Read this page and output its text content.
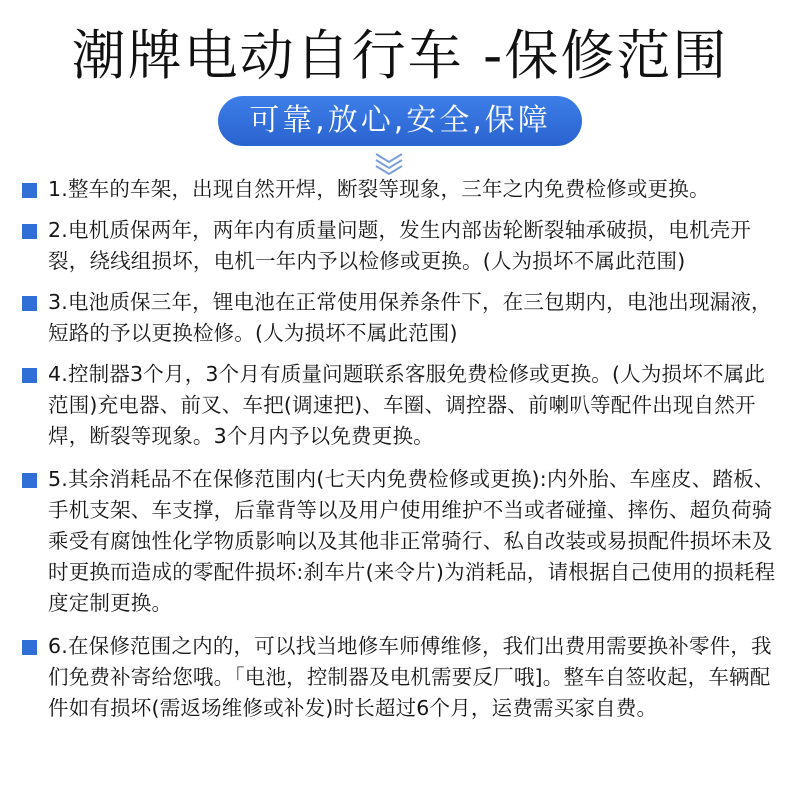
潮牌电动自行车 -保修范围
可靠,放心,安全,保障
1.整车的车架，出现自然开焊，断裂等现象，三年之内免费检修或更换。
2.电机质保两年，两年内有质量问题，发生内部齿轮断裂轴承破损，电机壳开裂，绕线组损坏，电机一年内予以检修或更换。(人为损坏不属此范围)
3.电池质保三年，锂电池在正常使用保养条件下，在三包期内，电池出现漏液，短路的予以更换检修。(人为损坏不属此范围)
4.控制器3个月，3个月有质量问题联系客服免费检修或更换。(人为损坏不属此范围)充电器、前叉、车把(调速把)、车圈、调控器、前喇叭等配件出现自然开焊，断裂等现象。3个月内予以免费更换。
5.其余消耗品不在保修范围内(七天内免费检修或更换):内外胎、车座皮、踏板、手机支架、车支撑，后靠背等以及用户使用维护不当或者碰撞、摔伤、超负荷骑乘受有腐蚀性化学物质影响以及其他非正常骑行、私自改装或易损配件损坏未及时更换而造成的零配件损坏:刹车片(来令片)为消耗品，请根据自己使用的损耗程度定制更换。
6.在保修范围之内的，可以找当地修车师傅维修，我们出费用需要换补零件，我们免费补寄给您哦。「电池，控制器及电机需要反厂哦]。整车自签收起，车辆配件如有损坏(需返场维修或补发)时长超过6个月，运费需买家自费。
